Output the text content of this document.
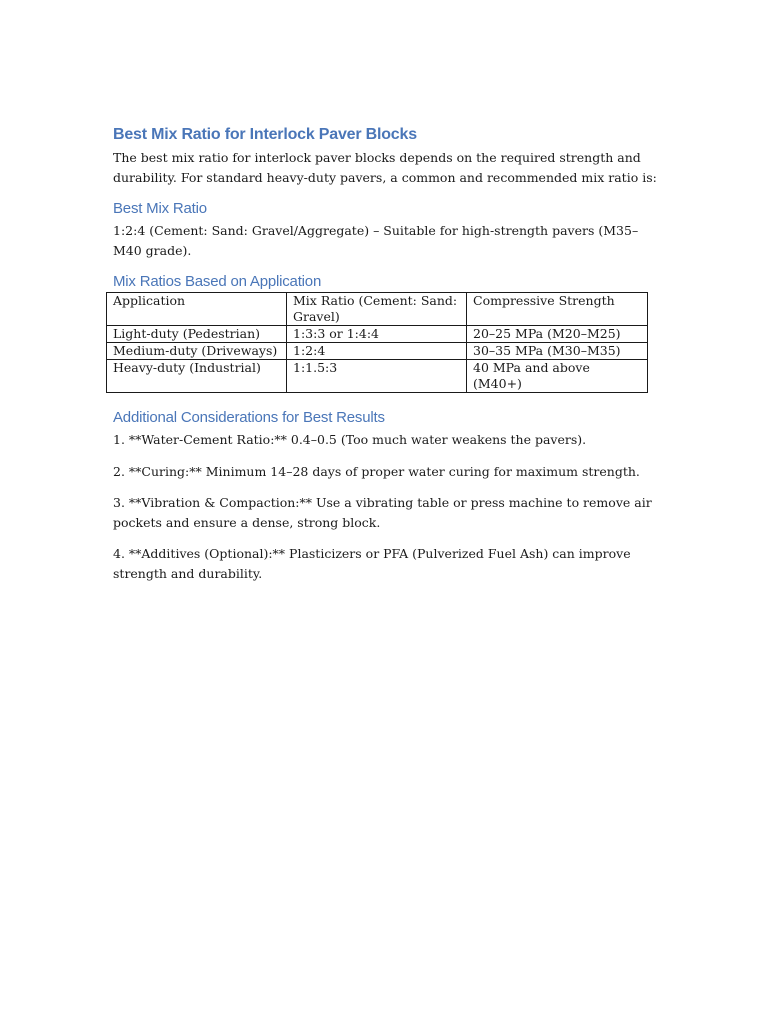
Best Mix Ratio for Interlock Paver Blocks

The best mix ratio for interlock paver blocks depends on the required strength and durability. For standard heavy-duty pavers, a common and recommended mix ratio is:

Best Mix Ratio

1:2:4 (Cement: Sand: Gravel/Aggregate) – Suitable for high-strength pavers (M35–M40 grade).

Mix Ratios Based on Application
Application	Mix Ratio (Cement: Sand: Gravel)	Compressive Strength
Light-duty (Pedestrian)	1:3:3 or 1:4:4	20–25 MPa (M20–M25)
Medium-duty (Driveways)	1:2:4	30–35 MPa (M30–M35)
Heavy-duty (Industrial)	1:1.5:3	40 MPa and above (M40+)
Additional Considerations for Best Results

1. **Water-Cement Ratio:** 0.4–0.5 (Too much water weakens the pavers).

2. **Curing:** Minimum 14–28 days of proper water curing for maximum strength.

3. **Vibration & Compaction:** Use a vibrating table or press machine to remove air pockets and ensure a dense, strong block.

4. **Additives (Optional):** Plasticizers or PFA (Pulverized Fuel Ash) can improve strength and durability.
